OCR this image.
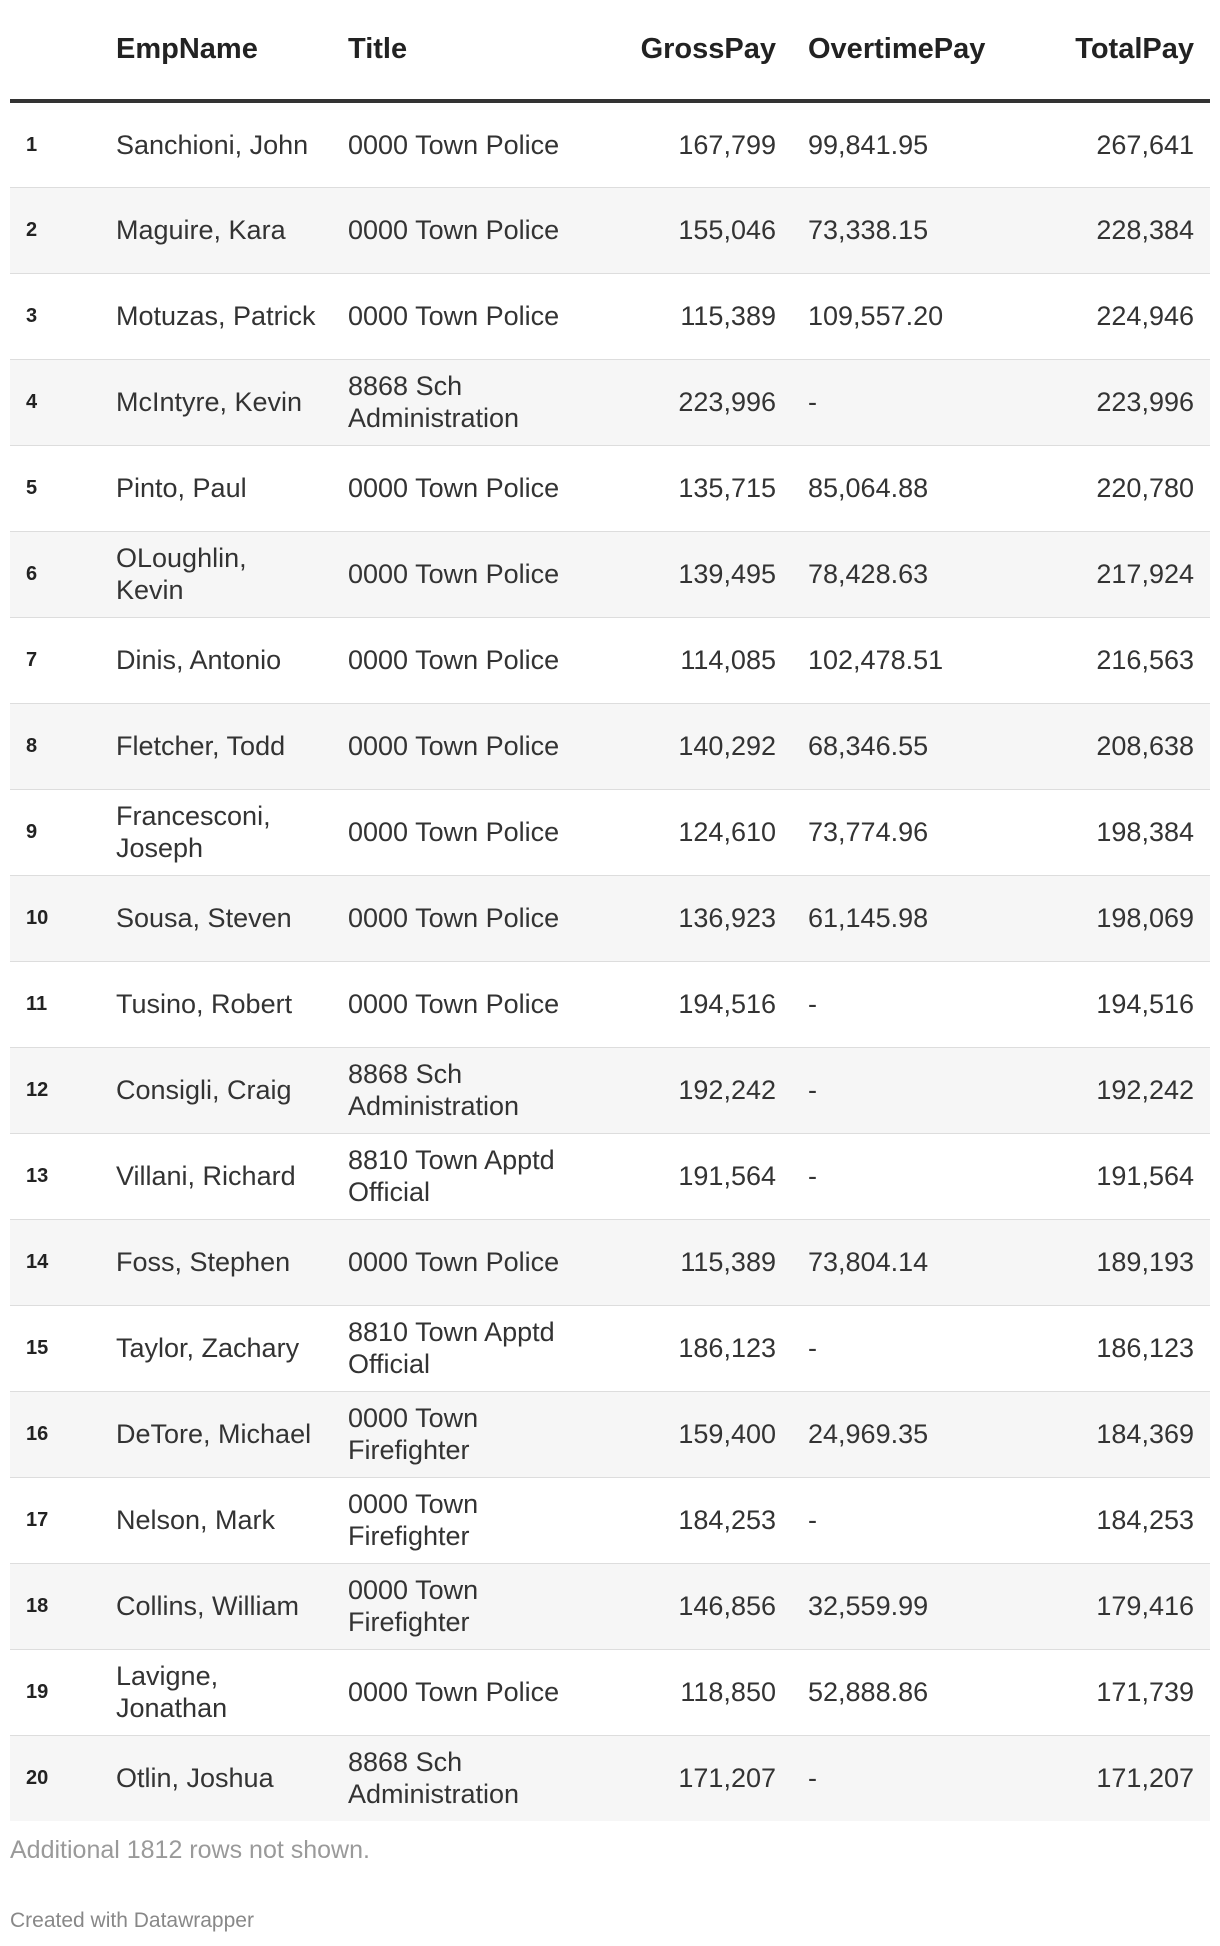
	EmpName	Title	GrossPay	OvertimePay	TotalPay
1	Sanchioni, John	0000 Town Police	167,799	99,841.95	267,641
2	Maguire, Kara	0000 Town Police	155,046	73,338.15	228,384
3	Motuzas, Patrick	0000 Town Police	115,389	109,557.20	224,946
4	McIntyre, Kevin	8868 Sch Administration	223,996	-	223,996
5	Pinto, Paul	0000 Town Police	135,715	85,064.88	220,780
6	OLoughlin, Kevin	0000 Town Police	139,495	78,428.63	217,924
7	Dinis, Antonio	0000 Town Police	114,085	102,478.51	216,563
8	Fletcher, Todd	0000 Town Police	140,292	68,346.55	208,638
9	Francesconi, Joseph	0000 Town Police	124,610	73,774.96	198,384
10	Sousa, Steven	0000 Town Police	136,923	61,145.98	198,069
11	Tusino, Robert	0000 Town Police	194,516	-	194,516
12	Consigli, Craig	8868 Sch Administration	192,242	-	192,242
13	Villani, Richard	8810 Town Apptd Official	191,564	-	191,564
14	Foss, Stephen	0000 Town Police	115,389	73,804.14	189,193
15	Taylor, Zachary	8810 Town Apptd Official	186,123	-	186,123
16	DeTore, Michael	0000 Town Firefighter	159,400	24,969.35	184,369
17	Nelson, Mark	0000 Town Firefighter	184,253	-	184,253
18	Collins, William	0000 Town Firefighter	146,856	32,559.99	179,416
19	Lavigne, Jonathan	0000 Town Police	118,850	52,888.86	171,739
20	Otlin, Joshua	8868 Sch Administration	171,207	-	171,207
Additional 1812 rows not shown.
Created with Datawrapper
